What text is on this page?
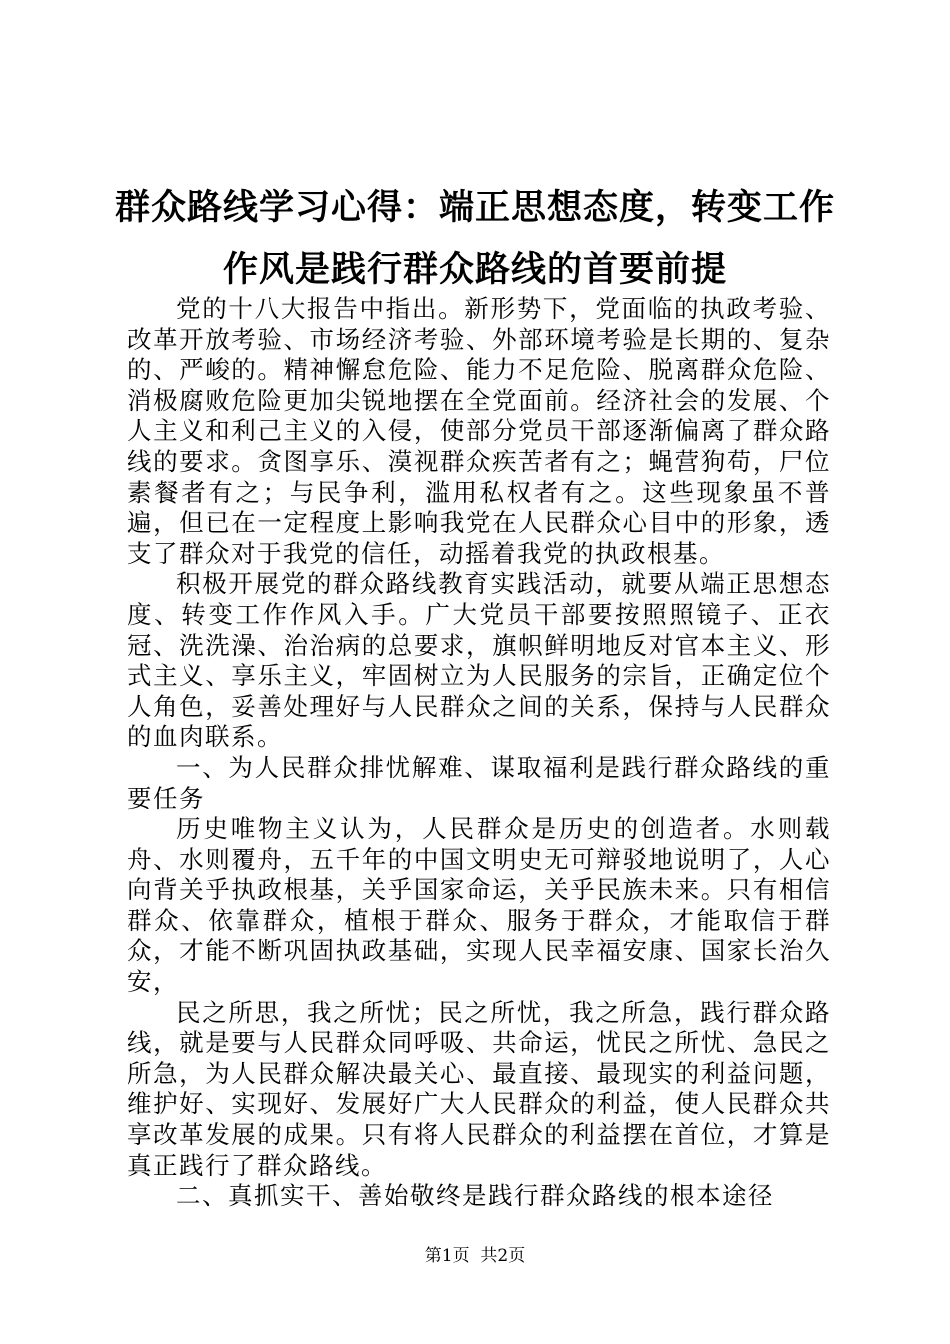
群众路线学习心得：端正思想态度，转变工作
作风是践行群众路线的首要前提

党的十八大报告中指出。新形势下，党面临的执政考验、改革开放考验、市场经济考验、外部环境考验是长期的、复杂的、严峻的。精神懈怠危险、能力不足危险、脱离群众危险、消极腐败危险更加尖锐地摆在全党面前。经济社会的发展、个人主义和利己主义的入侵，使部分党员干部逐渐偏离了群众路线的要求。贪图享乐、漠视群众疾苦者有之；蝇营狗苟，尸位素餐者有之；与民争利，滥用私权者有之。这些现象虽不普遍，但已在一定程度上影响我党在人民群众心目中的形象，透支了群众对于我党的信任，动摇着我党的执政根基。

积极开展党的群众路线教育实践活动，就要从端正思想态度、转变工作作风入手。广大党员干部要按照照镜子、正衣冠、洗洗澡、治治病的总要求，旗帜鲜明地反对官本主义、形式主义、享乐主义，牢固树立为人民服务的宗旨，正确定位个人角色，妥善处理好与人民群众之间的关系，保持与人民群众的血肉联系。

一、为人民群众排忧解难、谋取福利是践行群众路线的重要任务

历史唯物主义认为，人民群众是历史的创造者。水则载舟、水则覆舟，五千年的中国文明史无可辩驳地说明了，人心向背关乎执政根基，关乎国家命运，关乎民族未来。只有相信群众、依靠群众，植根于群众、服务于群众，才能取信于群众，才能不断巩固执政基础，实现人民幸福安康、国家长治久安，

民之所思，我之所忧；民之所忧，我之所急，践行群众路线，就是要与人民群众同呼吸、共命运，忧民之所忧、急民之所急，为人民群众解决最关心、最直接、最现实的利益问题，维护好、实现好、发展好广大人民群众的利益，使人民群众共享改革发展的成果。只有将人民群众的利益摆在首位，才算是真正践行了群众路线。

二、真抓实干、善始敬终是践行群众路线的根本途径

第1页  共2页
